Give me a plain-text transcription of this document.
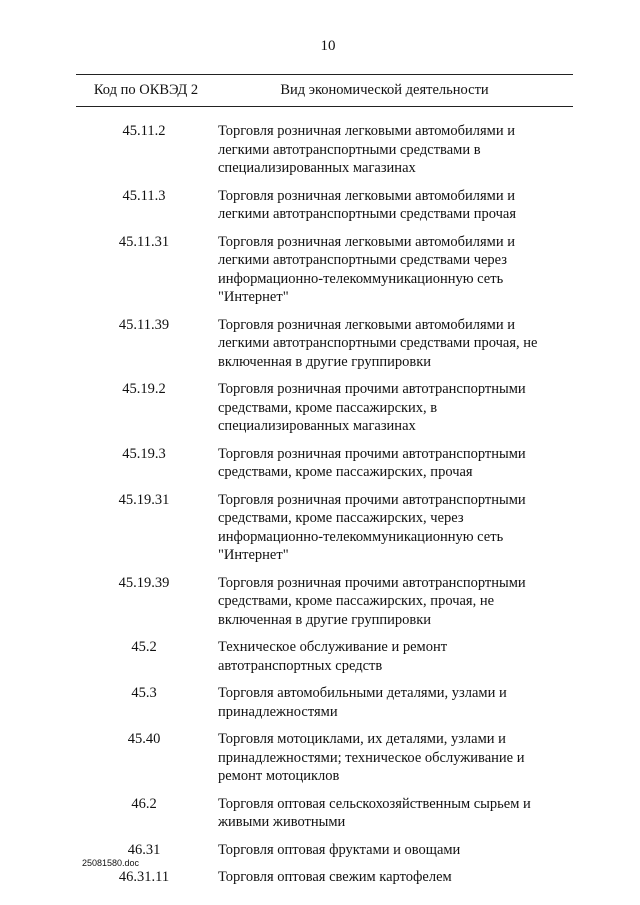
10
Код по ОКВЭД 2	Вид экономической деятельности
45.11.2	Торговля розничная легковыми автомобилями и
легкими автотранспортными средствами в
специализированных магазинах
45.11.3	Торговля розничная легковыми автомобилями и
легкими автотранспортными средствами прочая
45.11.31	Торговля розничная легковыми автомобилями и
легкими автотранспортными средствами через
информационно-телекоммуникационную сеть
"Интернет"
45.11.39	Торговля розничная легковыми автомобилями и
легкими автотранспортными средствами прочая, не
включенная в другие группировки
45.19.2	Торговля розничная прочими автотранспортными
средствами, кроме пассажирских, в
специализированных магазинах
45.19.3	Торговля розничная прочими автотранспортными
средствами, кроме пассажирских, прочая
45.19.31	Торговля розничная прочими автотранспортными
средствами, кроме пассажирских, через
информационно-телекоммуникационную сеть
"Интернет"
45.19.39	Торговля розничная прочими автотранспортными
средствами, кроме пассажирских, прочая, не
включенная в другие группировки
45.2	Техническое обслуживание и ремонт
автотранспортных средств
45.3	Торговля автомобильными деталями, узлами и
принадлежностями
45.40	Торговля мотоциклами, их деталями, узлами и
принадлежностями; техническое обслуживание и
ремонт мотоциклов
46.2	Торговля оптовая сельскохозяйственным сырьем и
живыми животными
46.31	Торговля оптовая фруктами и овощами
46.31.11	Торговля оптовая свежим картофелем
25081580.doc
